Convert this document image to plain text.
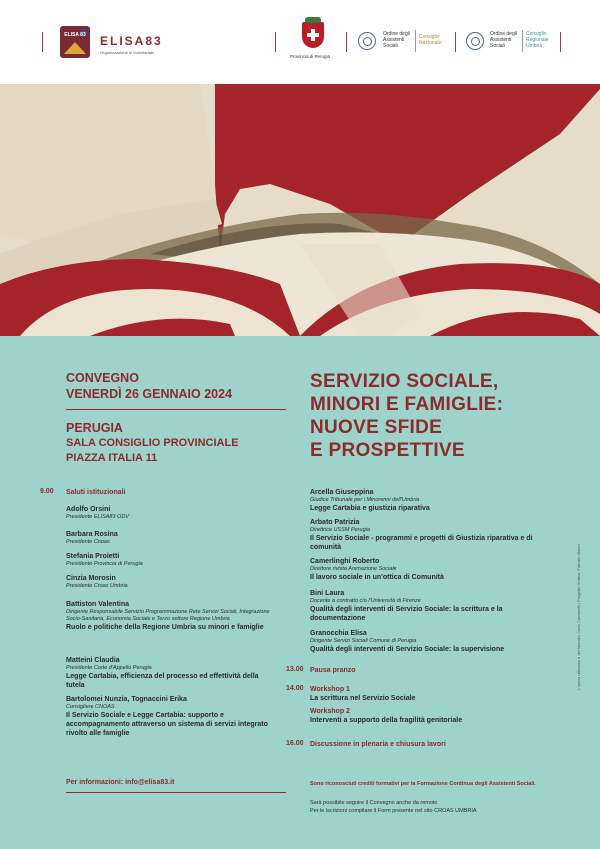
ELISA 83	ELISA83
Organizzazione di Volontariato
Provincia di Perugia
Ordine degli
Assistenti
Sociali
Consiglio
Nazionale
Ordine degli
Assistenti
Sociali
Consiglio
Regionale
Umbria
CONVEGNO
VENERDÌ 26 GENNAIO 2024
PERUGIA
SALA CONSIGLIO PROVINCIALE
PIAZZA ITALIA 11
SERVIZIO SOCIALE,
MINORI E FAMIGLIE:
NUOVE SFIDE
E PROSPETTIVE
9.00 Saluti istituzionali
Adolfo Orsini
Presidente ELISA83 ODV
Barbara Rosina
Presidente Cnoas
Stefania Proietti
Presidente Provincia di Perugia
Cinzia Morosin
Presidente Croas Umbria
Battiston Valentina
Dirigente Responsabile Servizio Programmazione Rete Servizi Sociali, Integrazione Socio-Sanitaria, Economia Sociale e Terzo settore Regione Umbria
Ruolo e politiche della Regione Umbria su minori e famiglie
Matteini Claudia
Presidente Corte d'Appello Perugia
Legge Cartabia, efficienza del processo ed effettività della tutela
Bartolomei Nunzia, Tognaccini Erika
Consigliere CNOAS
Il Servizio Sociale e Legge Cartabia: supporto e accompagnamento attraverso un sistema di servizi integrato rivolto alle famiglie
Arcella Giuseppina
Giudice Tribunale per i Minorenni dell'Umbria
Legge Cartabia e giustizia riparativa
Arbato Patrizia
Direttrice USSM Perugia
Il Servizio Sociale - programmi e progetti di Giustizia riparativa e di comunità
Camerlinghi Roberto
Direttore rivista Animazione Sociale
Il lavoro sociale in un'ottica di Comunità
Bini Laura
Docente a contratto c/o l'Università di Firenze
Qualità degli interventi di Servizio Sociale: la scrittura e la documentazione
Granocchia Elisa
Dirigente Servizi Sociali Comune di Perugia
Qualità degli interventi di Servizio Sociale: la supervisione
13.00 Pausa pranzo
14.00 Workshop 1
La scrittura nel Servizio Sociale
Workshop 2
Interventi a supporto della fragilità genitoriale
16.00 Discussione in plenaria e chiusura lavori
Per informazioni: info@elisa83.it	Sono riconosciuti crediti formativi per la Formazione Continua degli Assistenti Sociali.
Sarà possibile seguire il Convegno anche da remoto
Per le iscrizioni compilare il Form presente nel sito CROAS UMBRIA
L'opera utilizzata è del Maestro Carlo Carminelli | Progetto Grafico: Fabrizio Marini
